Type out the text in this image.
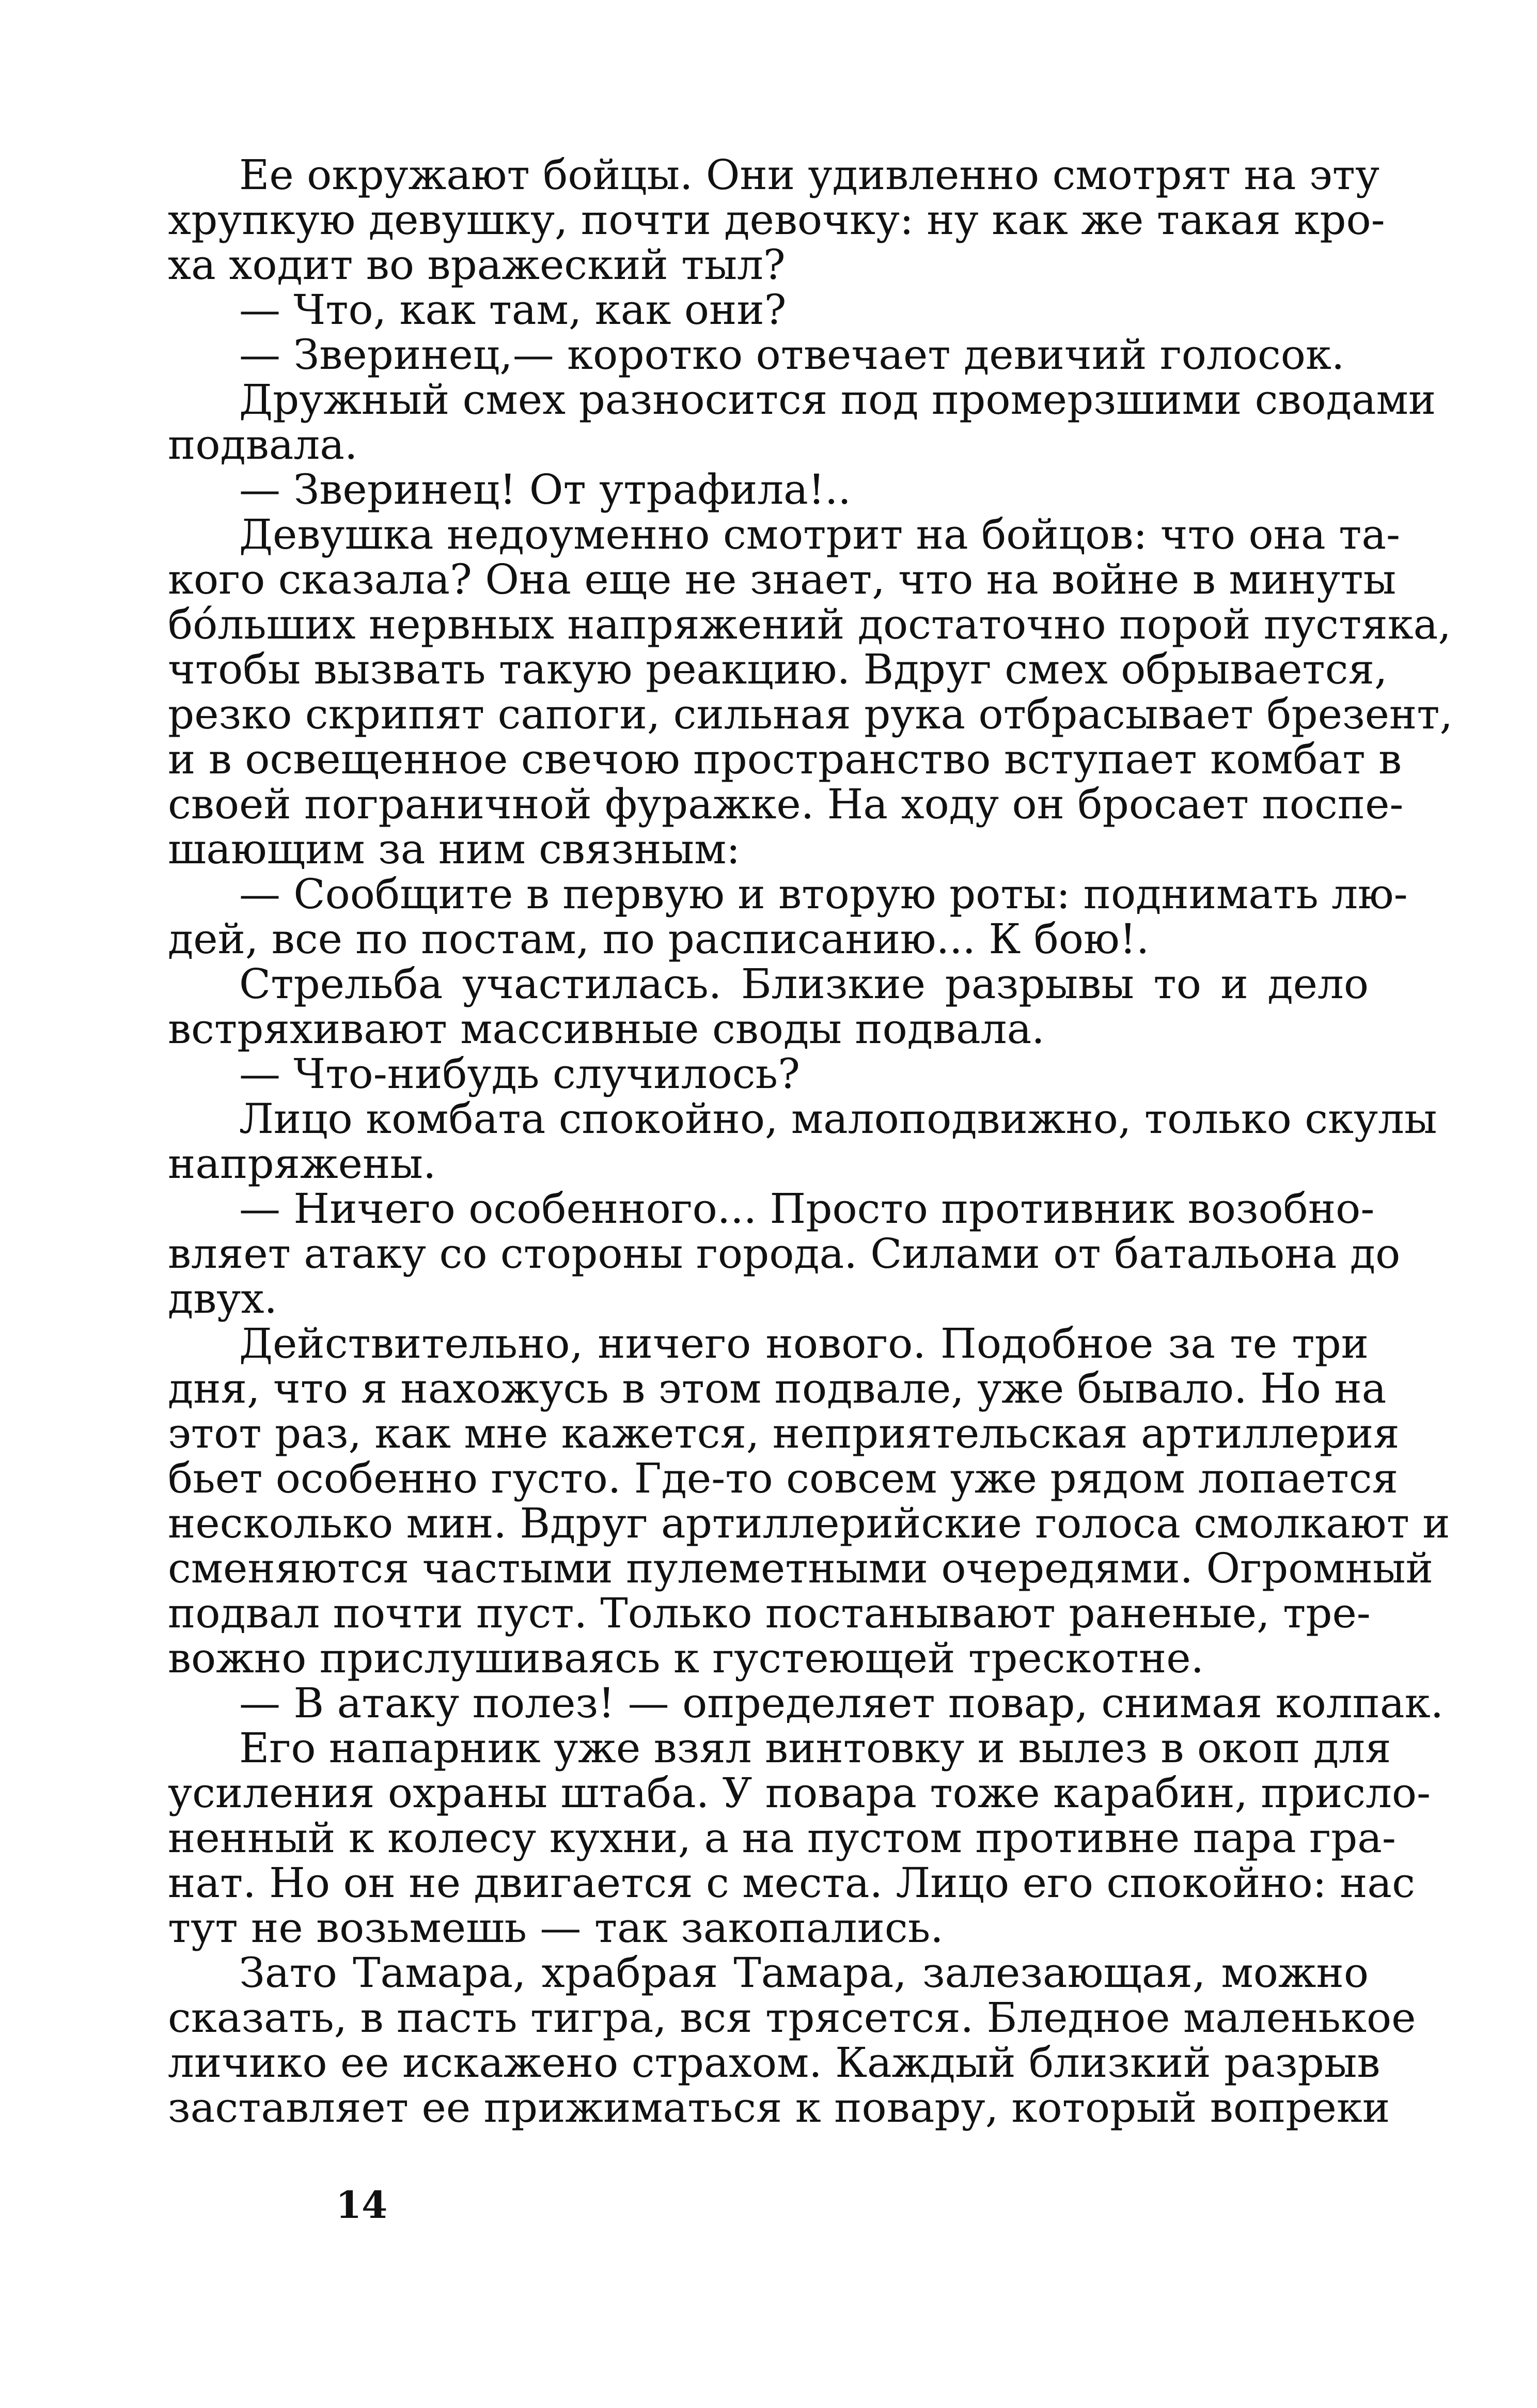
Ее окружают бойцы. Они удивленно смотрят на эту
хрупкую девушку, почти девочку: ну как же такая кро-
ха ходит во вражеский тыл?
— Что, как там, как они?
— Зверинец,— коротко отвечает девичий голосок.
Дружный смех разносится под промерзшими сводами
подвала.
— Зверинец! От утрафила!..
Девушка недоуменно смотрит на бойцов: что она та-
кого сказала? Она еще не знает, что на войне в минуты
бо́льших нервных напряжений достаточно порой пустяка,
чтобы вызвать такую реакцию. Вдруг смех обрывается,
резко скрипят сапоги, сильная рука отбрасывает брезент,
и в освещенное свечою пространство вступает комбат в
своей пограничной фуражке. На ходу он бросает поспе-
шающим за ним связным:
— Сообщите в первую и вторую роты: поднимать лю-
дей, все по постам, по расписанию... К бою!.
Стрельба участилась. Близкие разрывы то и дело
встряхивают массивные своды подвала.
— Что-нибудь случилось?
Лицо комбата спокойно, малоподвижно, только скулы
напряжены.
— Ничего особенного... Просто противник возобно-
вляет атаку со стороны города. Силами от батальона до
двух.
Действительно, ничего нового. Подобное за те три
дня, что я нахожусь в этом подвале, уже бывало. Но на
этот раз, как мне кажется, неприятельская артиллерия
бьет особенно густо. Где-то совсем уже рядом лопается
несколько мин. Вдруг артиллерийские голоса смолкают и
сменяются частыми пулеметными очередями. Огромный
подвал почти пуст. Только постанывают раненые, тре-
вожно прислушиваясь к густеющей трескотне.
— В атаку полез! — определяет повар, снимая колпак.
Его напарник уже взял винтовку и вылез в окоп для
усиления охраны штаба. У повара тоже карабин, присло-
ненный к колесу кухни, а на пустом противне пара гра-
нат. Но он не двигается с места. Лицо его спокойно: нас
тут не возьмешь — так закопались.
Зато Тамара, храбрая Тамара, залезающая, можно
сказать, в пасть тигра, вся трясется. Бледное маленькое
личико ее искажено страхом. Каждый близкий разрыв
заставляет ее прижиматься к повару, который вопреки
14
